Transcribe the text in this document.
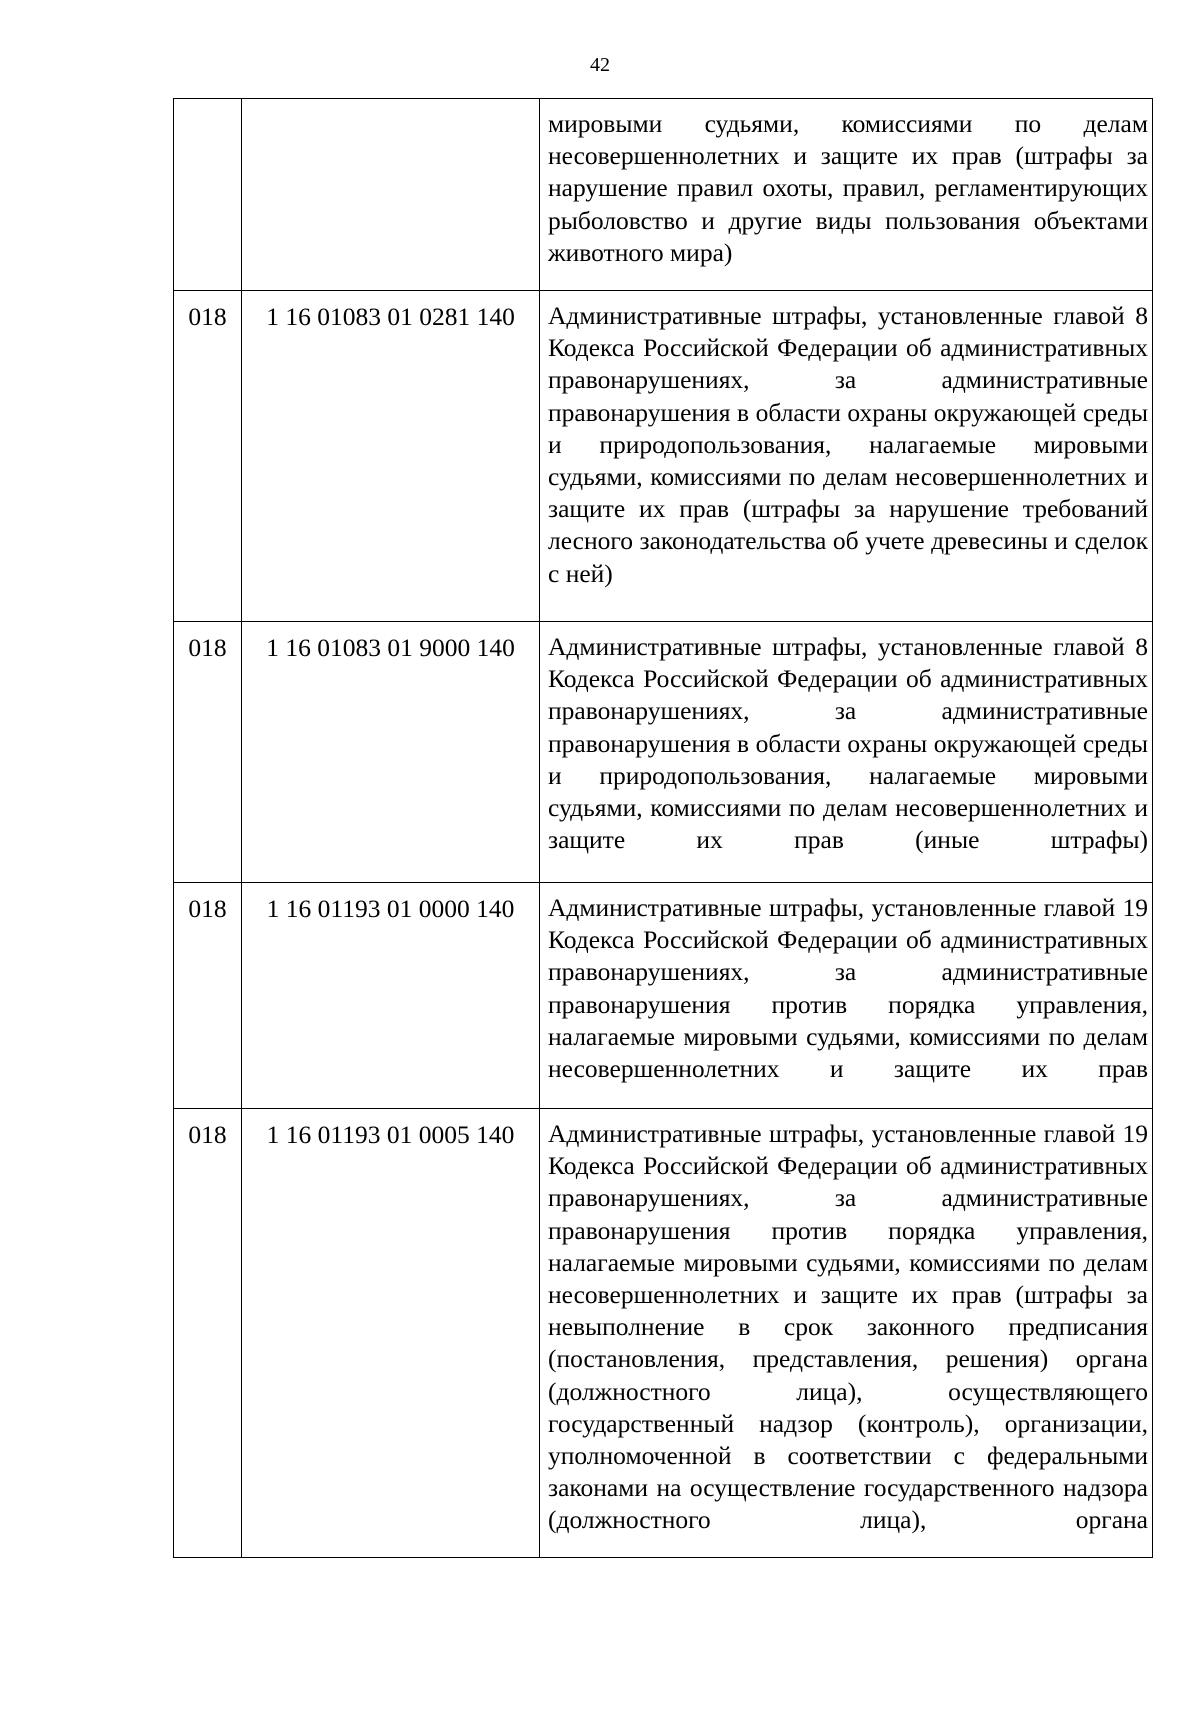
42

		мировыми судьями, комиссиями по делам несовершеннолетних и защите их прав (штрафы за нарушение правил охоты, правил, регламентирующих рыболовство и другие виды пользования объектами животного мира)

018	1 16 01083 01 0281 140	Административные штрафы, установленные главой 8 Кодекса Российской Федерации об административных правонарушениях, за административные правонарушения в области охраны окружающей среды и природопользования, налагаемые мировыми судьями, комиссиями по делам несовершеннолетних и защите их прав (штрафы за нарушение требований лесного законодательства об учете древесины и сделок с ней)

018	1 16 01083 01 9000 140	Административные штрафы, установленные главой 8 Кодекса Российской Федерации об административных правонарушениях, за административные правонарушения в области охраны окружающей среды и природопользования, налагаемые мировыми судьями, комиссиями по делам несовершеннолетних и защите их прав (иные штрафы)

018	1 16 01193 01 0000 140	Административные штрафы, установленные главой 19 Кодекса Российской Федерации об административных правонарушениях, за административные правонарушения против порядка управления, налагаемые мировыми судьями, комиссиями по делам несовершеннолетних и защите их прав

018	1 16 01193 01 0005 140	Административные штрафы, установленные главой 19 Кодекса Российской Федерации об административных правонарушениях, за административные правонарушения против порядка управления, налагаемые мировыми судьями, комиссиями по делам несовершеннолетних и защите их прав (штрафы за невыполнение в срок законного предписания (постановления, представления, решения) органа (должностного лица), осуществляющего государственный надзор (контроль), организации, уполномоченной в соответствии с федеральными законами на осуществление государственного надзора (должностного лица), органа
